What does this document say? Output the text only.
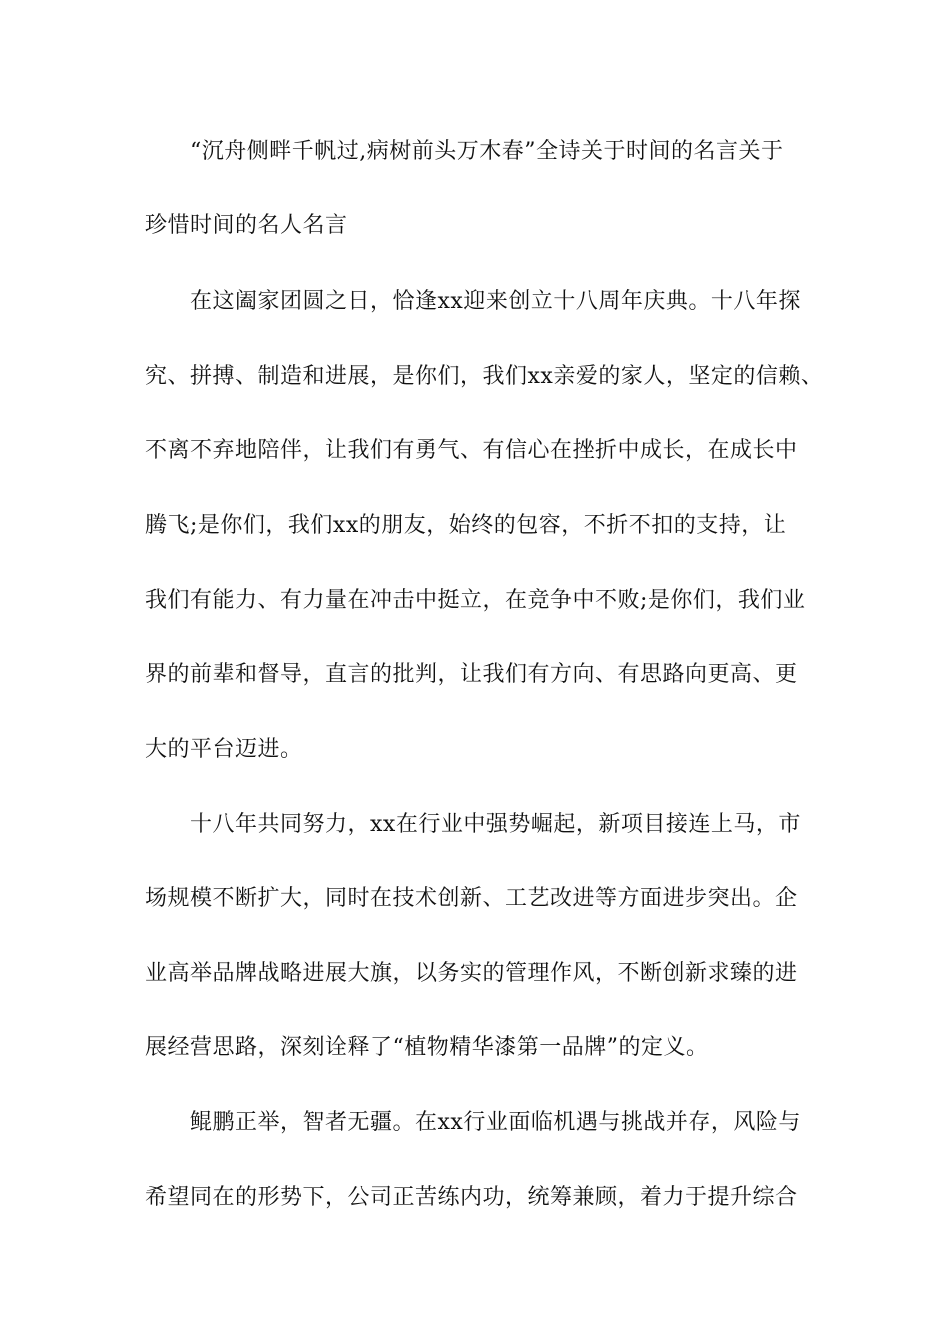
“沉舟侧畔千帆过,病树前头万木春”全诗关于时间的名言关于
珍惜时间的名人名言
在这阖家团圆之日，恰逢xx迎来创立十八周年庆典。十八年探
究、拼搏、制造和进展，是你们，我们xx亲爱的家人，坚定的信赖、
不离不弃地陪伴，让我们有勇气、有信心在挫折中成长，在成长中
腾飞;是你们，我们xx的朋友，始终的包容，不折不扣的支持，让
我们有能力、有力量在冲击中挺立，在竞争中不败;是你们，我们业
界的前辈和督导，直言的批判，让我们有方向、有思路向更高、更
大的平台迈进。
十八年共同努力，xx在行业中强势崛起，新项目接连上马，市
场规模不断扩大，同时在技术创新、工艺改进等方面进步突出。企
业高举品牌战略进展大旗，以务实的管理作风，不断创新求臻的进
展经营思路，深刻诠释了“植物精华漆第一品牌”的定义。
鲲鹏正举，智者无疆。在xx行业面临机遇与挑战并存，风险与
希望同在的形势下，公司正苦练内功，统筹兼顾，着力于提升综合
